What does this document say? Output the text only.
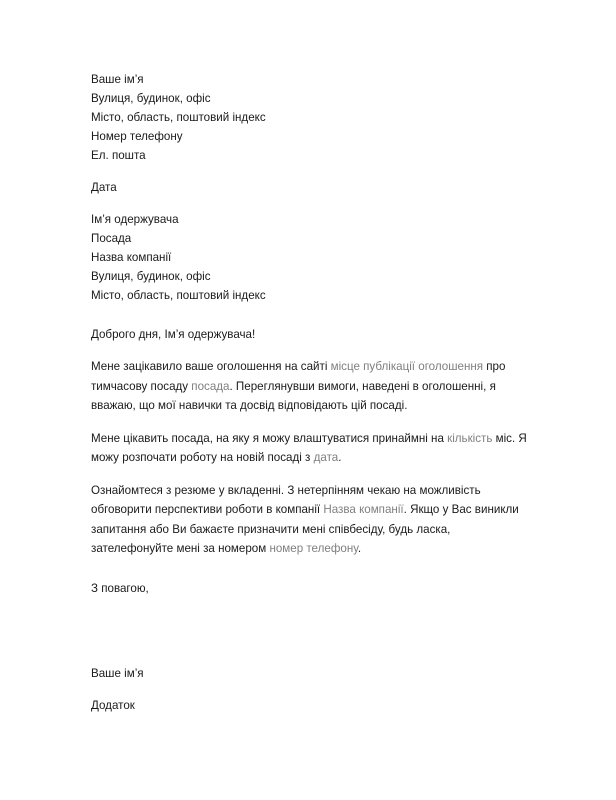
Ваше ім’я
Вулиця, будинок, офіс
Місто, область, поштовий індекс
Номер телефону
Ел. пошта
Дата
Ім’я одержувача
Посада
Назва компанії
Вулиця, будинок, офіс
Місто, область, поштовий індекс
Доброго дня, Ім’я одержувача!
Мене зацікавило ваше оголошення на сайті місце публікації оголошення про тимчасову посаду посада. Переглянувши вимоги, наведені в оголошенні, я вважаю, що мої навички та досвід відповідають цій посаді.
Мене цікавить посада, на яку я можу влаштуватися принаймні на кількість міс. Я можу розпочати роботу на новій посаді з дата.
Ознайомтеся з резюме у вкладенні. З нетерпінням чекаю на можливість обговорити перспективи роботи в компанії Назва компанії. Якщо у Вас виникли запитання або Ви бажаєте призначити мені співбесіду, будь ласка, зателефонуйте мені за номером номер телефону.
З повагою,
Ваше ім’я
Додаток
